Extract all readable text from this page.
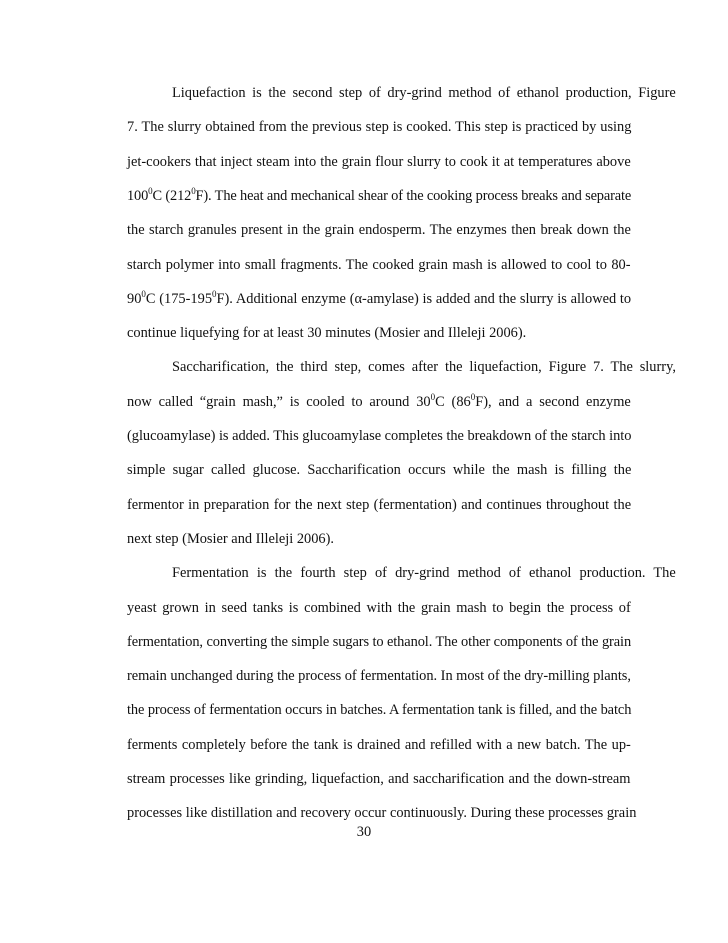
Liquefaction is the second step of dry-grind method of ethanol production, Figure
7. The slurry obtained from the previous step is cooked. This step is practiced by using
jet-cookers that inject steam into the grain flour slurry to cook it at temperatures above
$100^0C$ $(212^0F)$. The heat and mechanical shear of the cooking process breaks and separate
the starch granules present in the grain endosperm. The enzymes then break down the
starch polymer into small fragments. The cooked grain mash is allowed to cool to 80-
$90^0C$ $(175-195^0F)$. Additional enzyme (α-amylase) is added and the slurry is allowed to
continue liquefying for at least 30 minutes (Mosier and Illeleji 2006).
Saccharification, the third step, comes after the liquefaction, Figure 7. The slurry,
now called “grain mash,” is cooled to around $30^0C$ $(86^0F)$, and a second enzyme
(glucoamylase) is added. This glucoamylase completes the breakdown of the starch into
simple sugar called glucose. Saccharification occurs while the mash is filling the
fermentor in preparation for the next step (fermentation) and continues throughout the
next step (Mosier and Illeleji 2006).
Fermentation is the fourth step of dry-grind method of ethanol production. The
yeast grown in seed tanks is combined with the grain mash to begin the process of
fermentation, converting the simple sugars to ethanol. The other components of the grain
remain unchanged during the process of fermentation. In most of the dry-milling plants,
the process of fermentation occurs in batches. A fermentation tank is filled, and the batch
ferments completely before the tank is drained and refilled with a new batch. The up-
stream processes like grinding, liquefaction, and saccharification and the down-stream
processes like distillation and recovery occur continuously. During these processes grain
30
